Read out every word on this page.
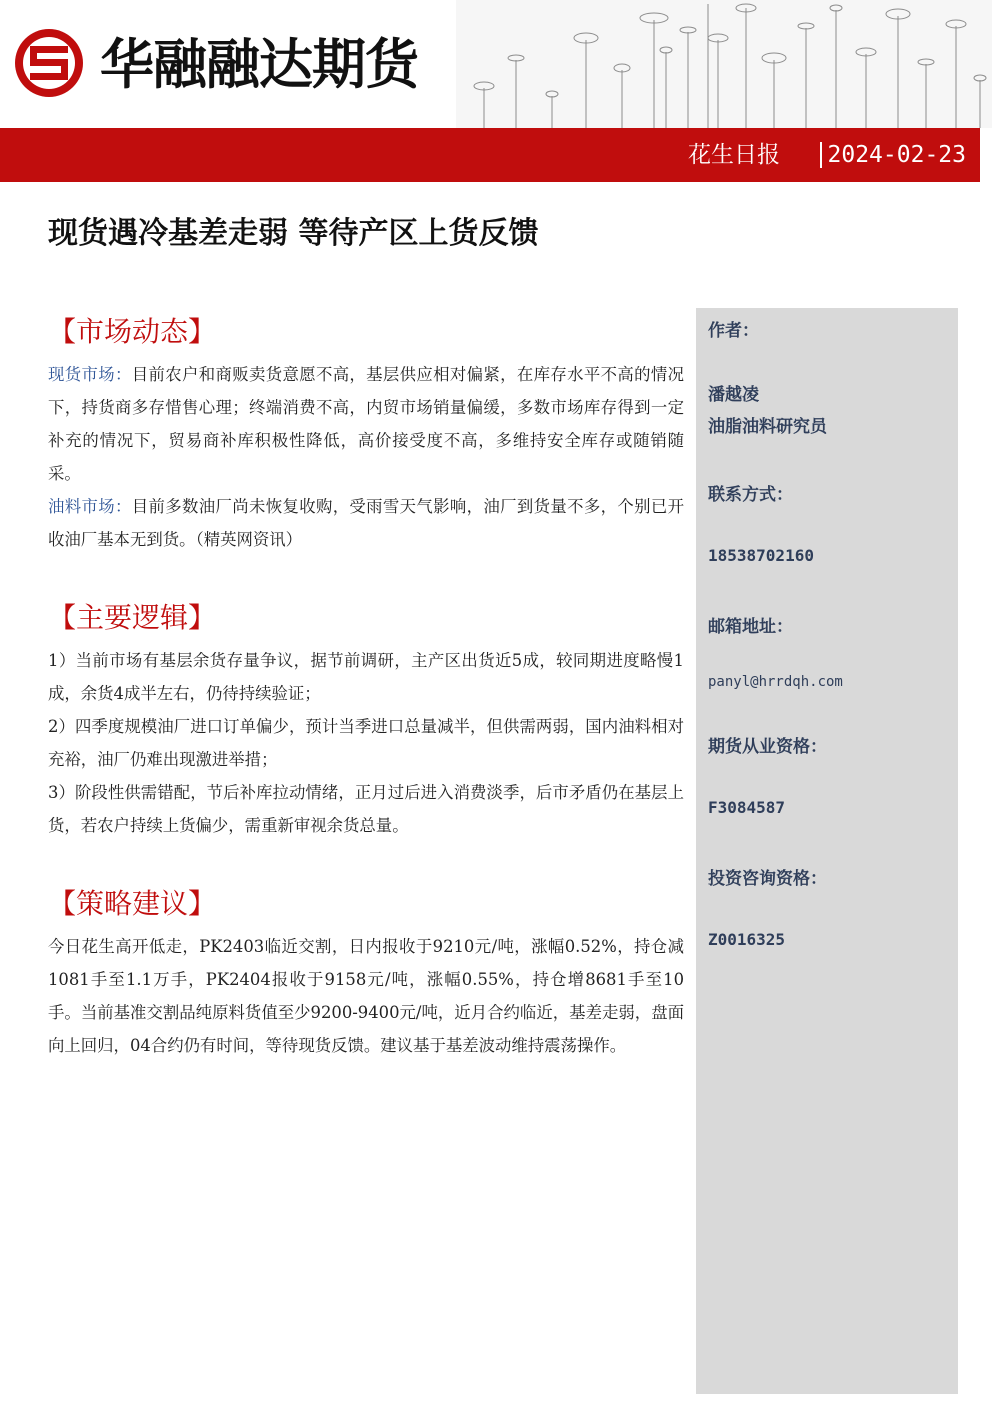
华融融达期货
花生日报 2024-02-23
现货遇冷基差走弱 等待产区上货反馈
【市场动态】

现货市场：目前农户和商贩卖货意愿不高，基层供应相对偏紧，在库存水平不高的情况下，持货商多存惜售心理；终端消费不高，内贸市场销量偏缓，多数市场库存得到一定补充的情况下，贸易商补库积极性降低，高价接受度不高，多维持安全库存或随销随采。

油料市场：目前多数油厂尚未恢复收购，受雨雪天气影响，油厂到货量不多，个别已开收油厂基本无到货。（精英网资讯）

【主要逻辑】

1）当前市场有基层余货存量争议，据节前调研，主产区出货近5成，较同期进度略慢1成，余货4成半左右，仍待持续验证；

2）四季度规模油厂进口订单偏少，预计当季进口总量减半，但供需两弱，国内油料相对充裕，油厂仍难出现激进举措；

3）阶段性供需错配，节后补库拉动情绪，正月过后进入消费淡季，后市矛盾仍在基层上货，若农户持续上货偏少，需重新审视余货总量。

【策略建议】

今日花生高开低走，PK2403临近交割，日内报收于9210元/吨，涨幅0.52%，持仓减1081手至1.1万手，PK2404报收于9158元/吨，涨幅0.55%，持仓增8681手至10手。当前基准交割品纯原料货值至少9200-9400元/吨，近月合约临近，基差走弱，盘面向上回归，04合约仍有时间，等待现货反馈。建议基于基差波动维持震荡操作。

作者：
潘越凌
油脂油料研究员
联系方式：
18538702160
邮箱地址：
panyl@hrrdqh.com
期货从业资格：
F3084587
投资咨询资格：
Z0016325
